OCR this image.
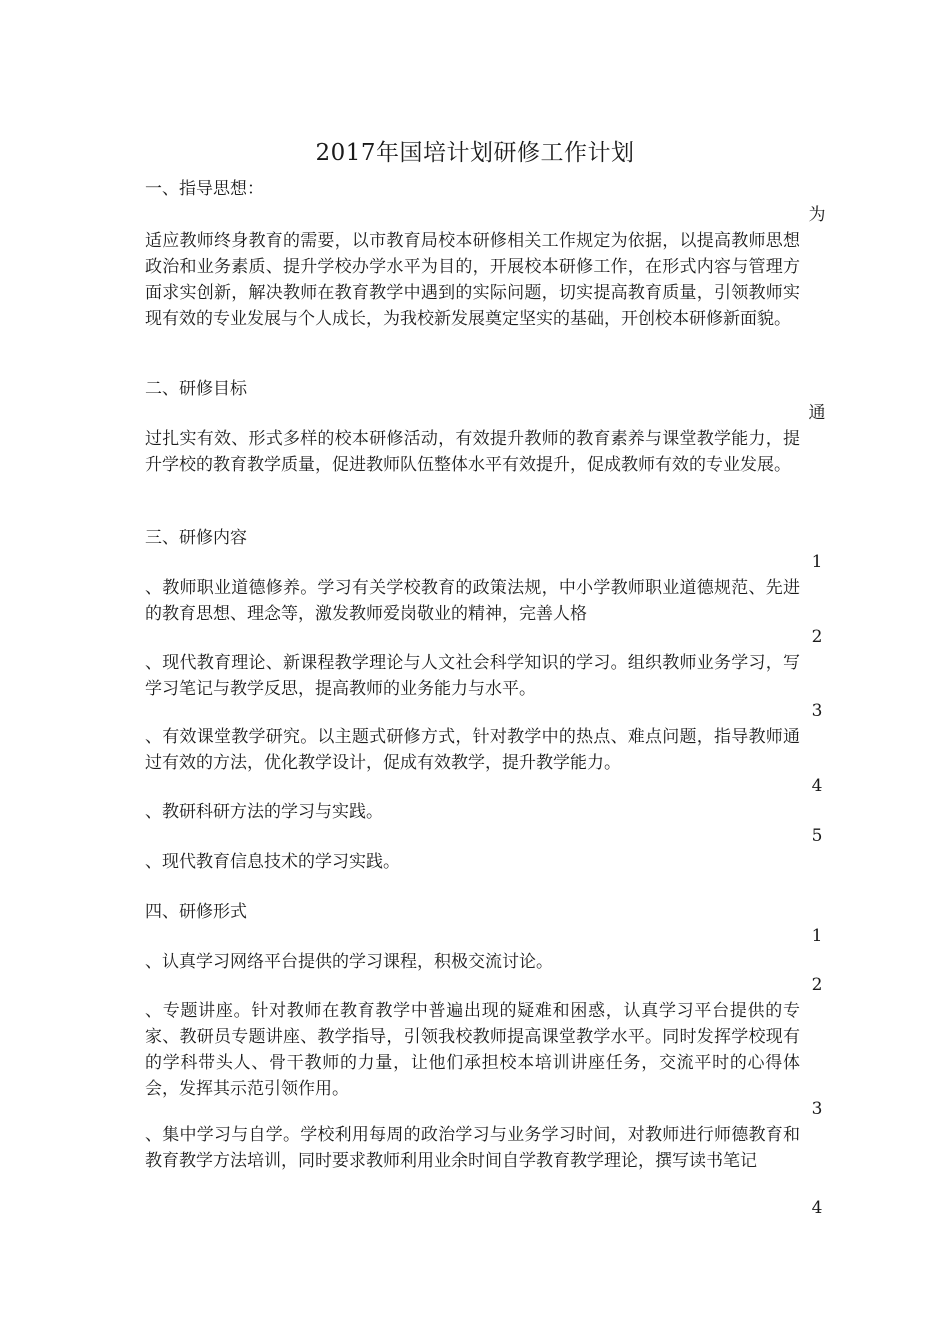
2017年国培计划研修工作计划
一、指导思想：
为
适应教师终身教育的需要，以市教育局校本研修相关工作规定为依据，以提高教师思想政治和业务素质、提升学校办学水平为目的，开展校本研修工作，在形式内容与管理方面求实创新，解决教师在教育教学中遇到的实际问题，切实提高教育质量，引领教师实现有效的专业发展与个人成长，为我校新发展奠定坚实的基础，开创校本研修新面貌。
二、研修目标
通
过扎实有效、形式多样的校本研修活动，有效提升教师的教育素养与课堂教学能力，提升学校的教育教学质量，促进教师队伍整体水平有效提升，促成教师有效的专业发展。
三、研修内容
1
、教师职业道德修养。学习有关学校教育的政策法规，中小学教师职业道德规范、先进的教育思想、理念等，激发教师爱岗敬业的精神，完善人格
2
、现代教育理论、新课程教学理论与人文社会科学知识的学习。组织教师业务学习，写学习笔记与教学反思，提高教师的业务能力与水平。
3
、有效课堂教学研究。以主题式研修方式，针对教学中的热点、难点问题，指导教师通过有效的方法，优化教学设计，促成有效教学，提升教学能力。
4
、教研科研方法的学习与实践。
5
、现代教育信息技术的学习实践。
四、研修形式
1
、认真学习网络平台提供的学习课程，积极交流讨论。
2
、专题讲座。针对教师在教育教学中普遍出现的疑难和困惑，认真学习平台提供的专家、教研员专题讲座、教学指导，引领我校教师提高课堂教学水平。同时发挥学校现有的学科带头人、骨干教师的力量，让他们承担校本培训讲座任务，交流平时的心得体会，发挥其示范引领作用。
3
、集中学习与自学。学校利用每周的政治学习与业务学习时间，对教师进行师德教育和教育教学方法培训，同时要求教师利用业余时间自学教育教学理论，撰写读书笔记
4
